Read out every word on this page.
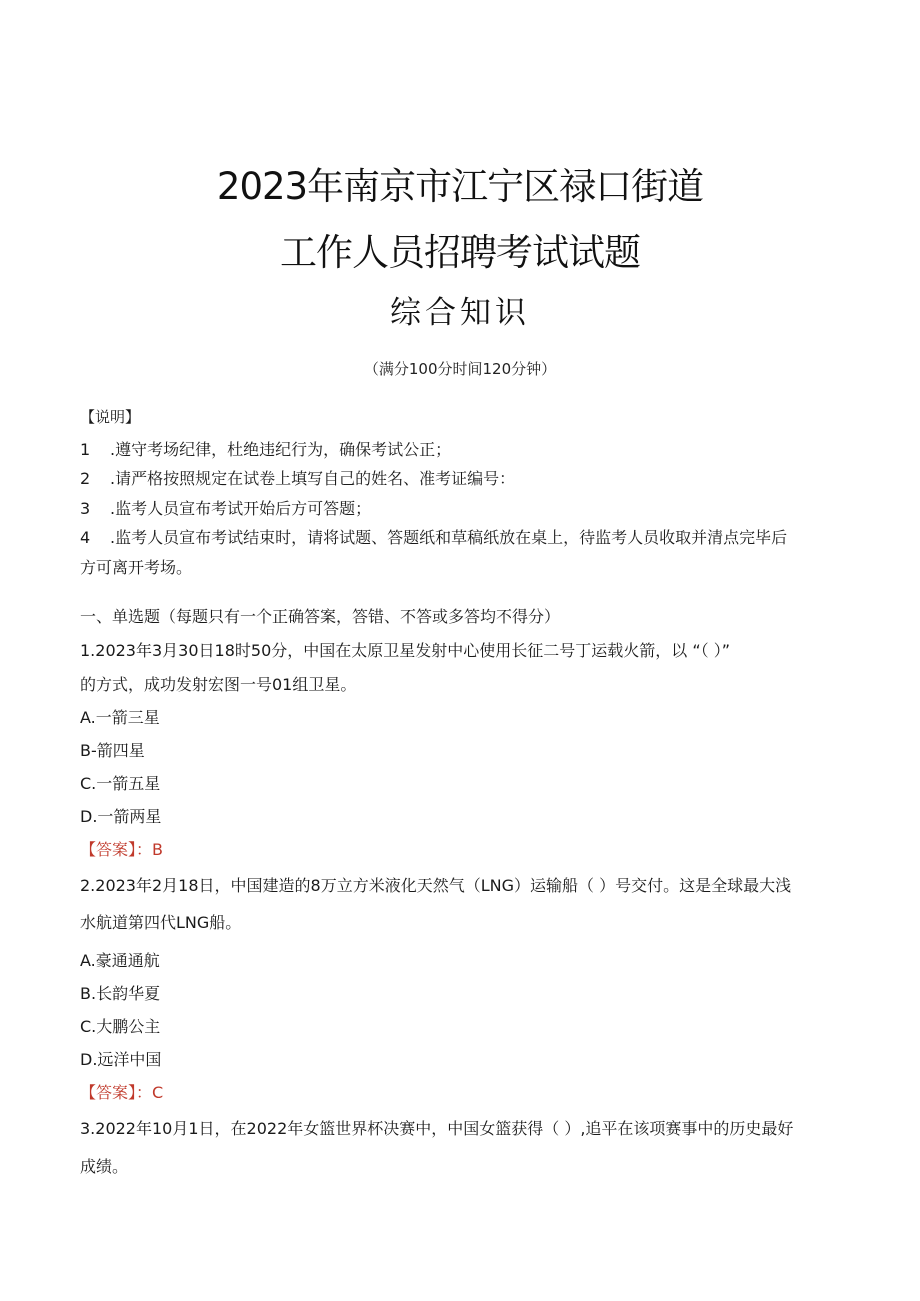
2023年南京市江宁区禄口街道
工作人员招聘考试试题
综合知识
（满分100分时间120分钟）
【说明】
1 .遵守考场纪律，杜绝违纪行为，确保考试公正；
2 .请严格按照规定在试卷上填写自己的姓名、准考证编号：
3 .监考人员宣布考试开始后方可答题；
4 .监考人员宣布考试结束时，请将试题、答题纸和草稿纸放在桌上，待监考人员收取并清点完毕后
方可离开考场。
一、单选题（每题只有一个正确答案，答错、不答或多答均不得分）
1.2023年3月30日18时50分，中国在太原卫星发射中心使用长征二号丁运载火箭，以 “（ ）”
的方式，成功发射宏图一号01组卫星。
A.一箭三星
B-箭四星
C.一箭五星
D.一箭两星
【答案】：B
2.2023年2月18日，中国建造的8万立方米液化天然气（LNG）运输船（ ）号交付。这是全球最大浅
水航道第四代LNG船。
A.豪通通航
B.长韵华夏
C.大鹏公主
D.远洋中国
【答案】：C
3.2022年10月1日，在2022年女篮世界杯决赛中，中国女篮获得（ ）,追平在该项赛事中的历史最好
成绩。
